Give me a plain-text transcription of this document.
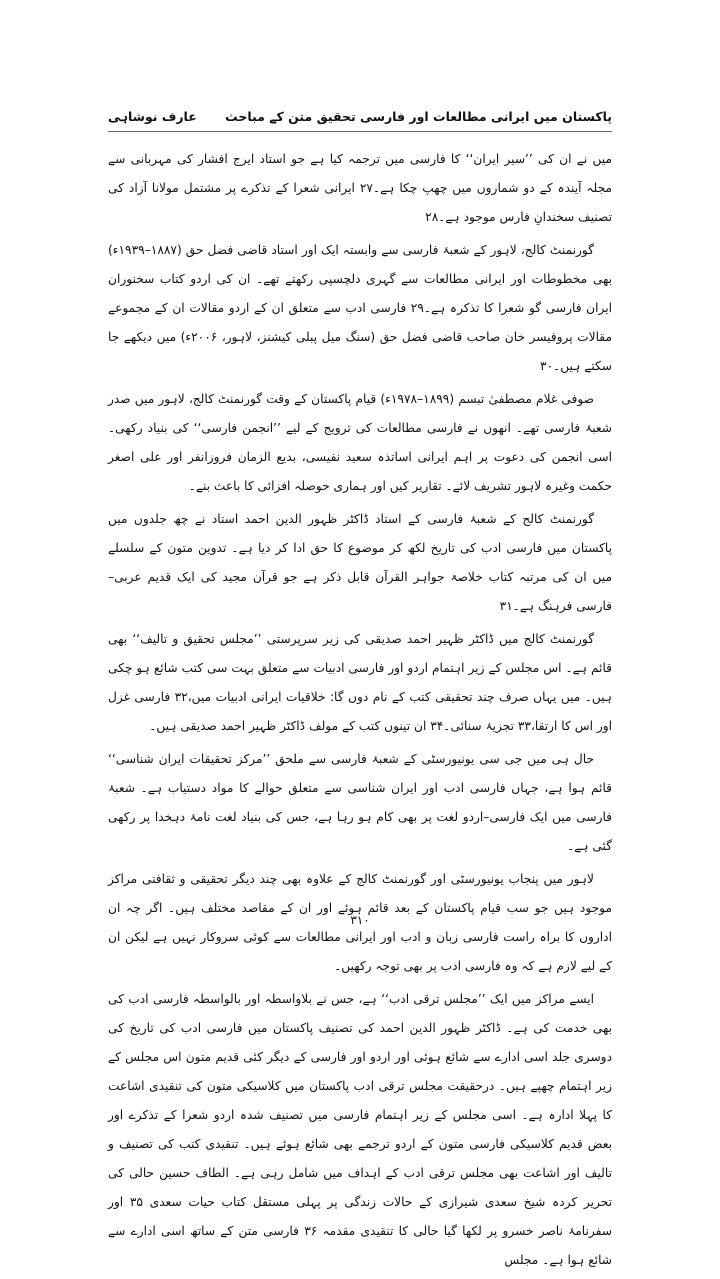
پاکستان میں ایرانی مطالعات اور فارسی تحقیق متن کے مباحث
عارف نوشاہی

میں نے ان کی ’’سیر ایران‘‘ کا فارسی میں ترجمہ کیا ہے جو استاد ایرج افشار کی مہربانی سے مجلہ آیندہ کے دو شماروں میں چھپ چکا ہے۔۲۷ ایرانی شعرا کے تذکرے پر مشتمل مولانا آزاد کی تصنیف سخندانِ فارس موجود ہے۔۲۸

گورنمنٹ کالج، لاہور کے شعبۂ فارسی سے وابستہ ایک اور استاد قاضی فضل حق (۱۸۸۷–۱۹۳۹ء) بھی مخطوطات اور ایرانی مطالعات سے گہری دلچسپی رکھتے تھے۔ ان کی اردو کتاب سخنوران ایران فارسی گو شعرا کا تذکرہ ہے۔۲۹ فارسی ادب سے متعلق ان کے اردو مقالات ان کے مجموعے مقالات پروفیسر خان صاحب قاضی فضل حق (سنگ میل پبلی کیشنز، لاہور، ۲۰۰۶ء) میں دیکھے جا سکتے ہیں۔۳۰

صوفی غلام مصطفیٰ تبسم (۱۸۹۹–۱۹۷۸ء) قیام پاکستان کے وقت گورنمنٹ کالج، لاہور میں صدر شعبۂ فارسی تھے۔ انھوں نے فارسی مطالعات کی ترویج کے لیے ’’انجمن فارسی‘‘ کی بنیاد رکھی۔ اسی انجمن کی دعوت پر اہم ایرانی اساتذہ سعید نفیسی، بدیع الزمان فروزانفر اور علی اصغر حکمت وغیرہ لاہور تشریف لائے۔ تقاریر کیں اور ہماری حوصلہ افزائی کا باعث بنے۔

گورنمنٹ کالج کے شعبۂ فارسی کے استاد ڈاکٹر ظہور الدین احمد استاد نے چھ جلدوں میں پاکستان میں فارسی ادب کی تاریخ لکھ کر موضوع کا حق ادا کر دیا ہے۔ تدوین متون کے سلسلے میں ان کی مرتبہ کتاب خلاصۃ جواہر القرآن قابل ذکر ہے جو قرآن مجید کی ایک قدیم عربی–فارسی فرہنگ ہے۔۳۱

گورنمنٹ کالج میں ڈاکٹر ظہیر احمد صدیقی کی زیر سرپرستی ’’مجلس تحقیق و تالیف‘‘ بھی قائم ہے۔ اس مجلس کے زیر اہتمام اردو اور فارسی ادبیات سے متعلق بہت سی کتب شائع ہو چکی ہیں۔ میں یہاں صرف چند تحقیقی کتب کے نام دوں گا: خلاقیات ایرانی ادبیات میں،۳۲ فارسی غزل اور اس کا ارتقا،۳۳ تجزیۂ سنائی۔۳۴ ان تینوں کتب کے مولف ڈاکٹر ظہیر احمد صدیقی ہیں۔

حال ہی میں جی سی یونیورسٹی کے شعبۂ فارسی سے ملحق ’’مرکز تحقیقات ایران شناسی‘‘ قائم ہوا ہے، جہاں فارسی ادب اور ایران شناسی سے متعلق حوالے کا مواد دستیاب ہے۔ شعبۂ فارسی میں ایک فارسی–اردو لغت پر بھی کام ہو رہا ہے، جس کی بنیاد لغت نامۂ دہخدا پر رکھی گئی ہے۔

لاہور میں پنجاب یونیورسٹی اور گورنمنٹ کالج کے علاوہ بھی چند دیگر تحقیقی و ثقافتی مراکز موجود ہیں جو سب قیام پاکستان کے بعد قائم ہوئے اور ان کے مقاصد مختلف ہیں۔ اگر چہ ان اداروں کا براہ راست فارسی زبان و ادب اور ایرانی مطالعات سے کوئی سروکار نہیں ہے لیکن ان کے لیے لازم ہے کہ وہ فارسی ادب پر بھی توجہ رکھیں۔

ایسے مراکز میں ایک ’’مجلس ترقی ادب‘‘ ہے، جس نے بلاواسطہ اور بالواسطہ فارسی ادب کی بھی خدمت کی ہے۔ ڈاکٹر ظہور الدین احمد کی تصنیف پاکستان میں فارسی ادب کی تاریخ کی دوسری جلد اسی ادارے سے شائع ہوئی اور اردو اور فارسی کے دیگر کئی قدیم متون اس مجلس کے زیر اہتمام چھپے ہیں۔ درحقیقت مجلس ترقی ادب پاکستان میں کلاسیکی متون کی تنقیدی اشاعت کا پہلا ادارہ ہے۔ اسی مجلس کے زیر اہتمام فارسی میں تصنیف شدہ اردو شعرا کے تذکرے اور بعض قدیم کلاسیکی فارسی متون کے اردو ترجمے بھی شائع ہوئے ہیں۔ تنقیدی کتب کی تصنیف و تالیف اور اشاعت بھی مجلس ترقی ادب کے اہداف میں شامل رہی ہے۔ الطاف حسین حالی کی تحریر کردہ شیخ سعدی شیرازی کے حالات زندگی پر پہلی مستقل کتاب حیات سعدی ۳۵ اور سفرنامۂ ناصر خسرو پر لکھا گیا حالی کا تنقیدی مقدمہ ۳۶ فارسی متن کے ساتھ اسی ادارے سے شائع ہوا ہے۔ مجلس

۳۱۰
